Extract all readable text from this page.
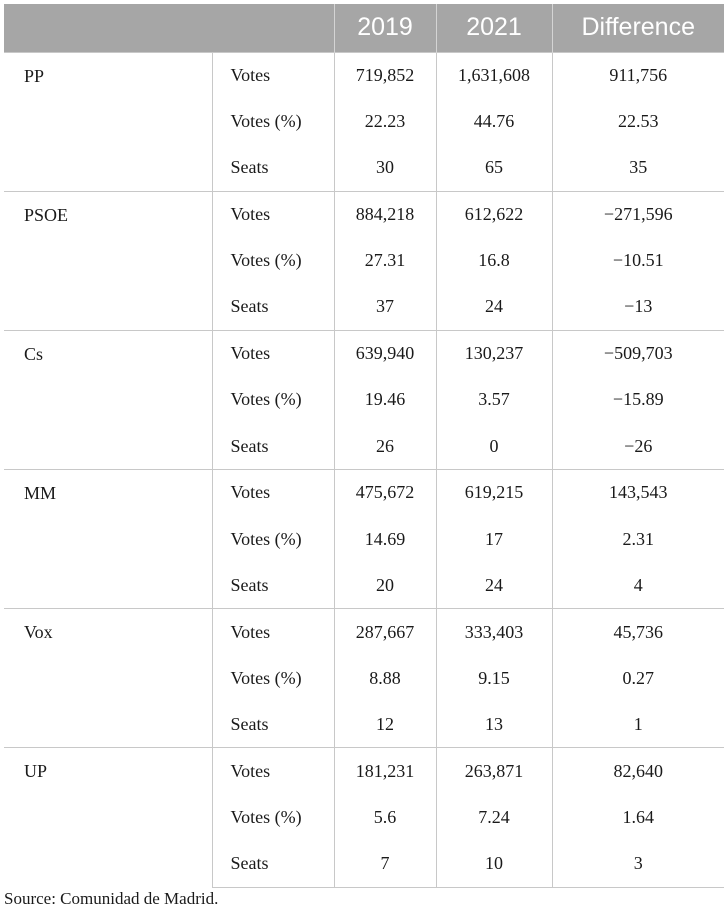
		2019	2021	Difference
PP	Votes	719,852	1,631,608	911,756
	Votes (%)	22.23	44.76	22.53
	Seats	30	65	35
PSOE	Votes	884,218	612,622	−271,596
	Votes (%)	27.31	16.8	−10.51
	Seats	37	24	−13
Cs	Votes	639,940	130,237	−509,703
	Votes (%)	19.46	3.57	−15.89
	Seats	26	0	−26
MM	Votes	475,672	619,215	143,543
	Votes (%)	14.69	17	2.31
	Seats	20	24	4
Vox	Votes	287,667	333,403	45,736
	Votes (%)	8.88	9.15	0.27
	Seats	12	13	1
UP	Votes	181,231	263,871	82,640
	Votes (%)	5.6	7.24	1.64
	Seats	7	10	3
Source: Comunidad de Madrid.
